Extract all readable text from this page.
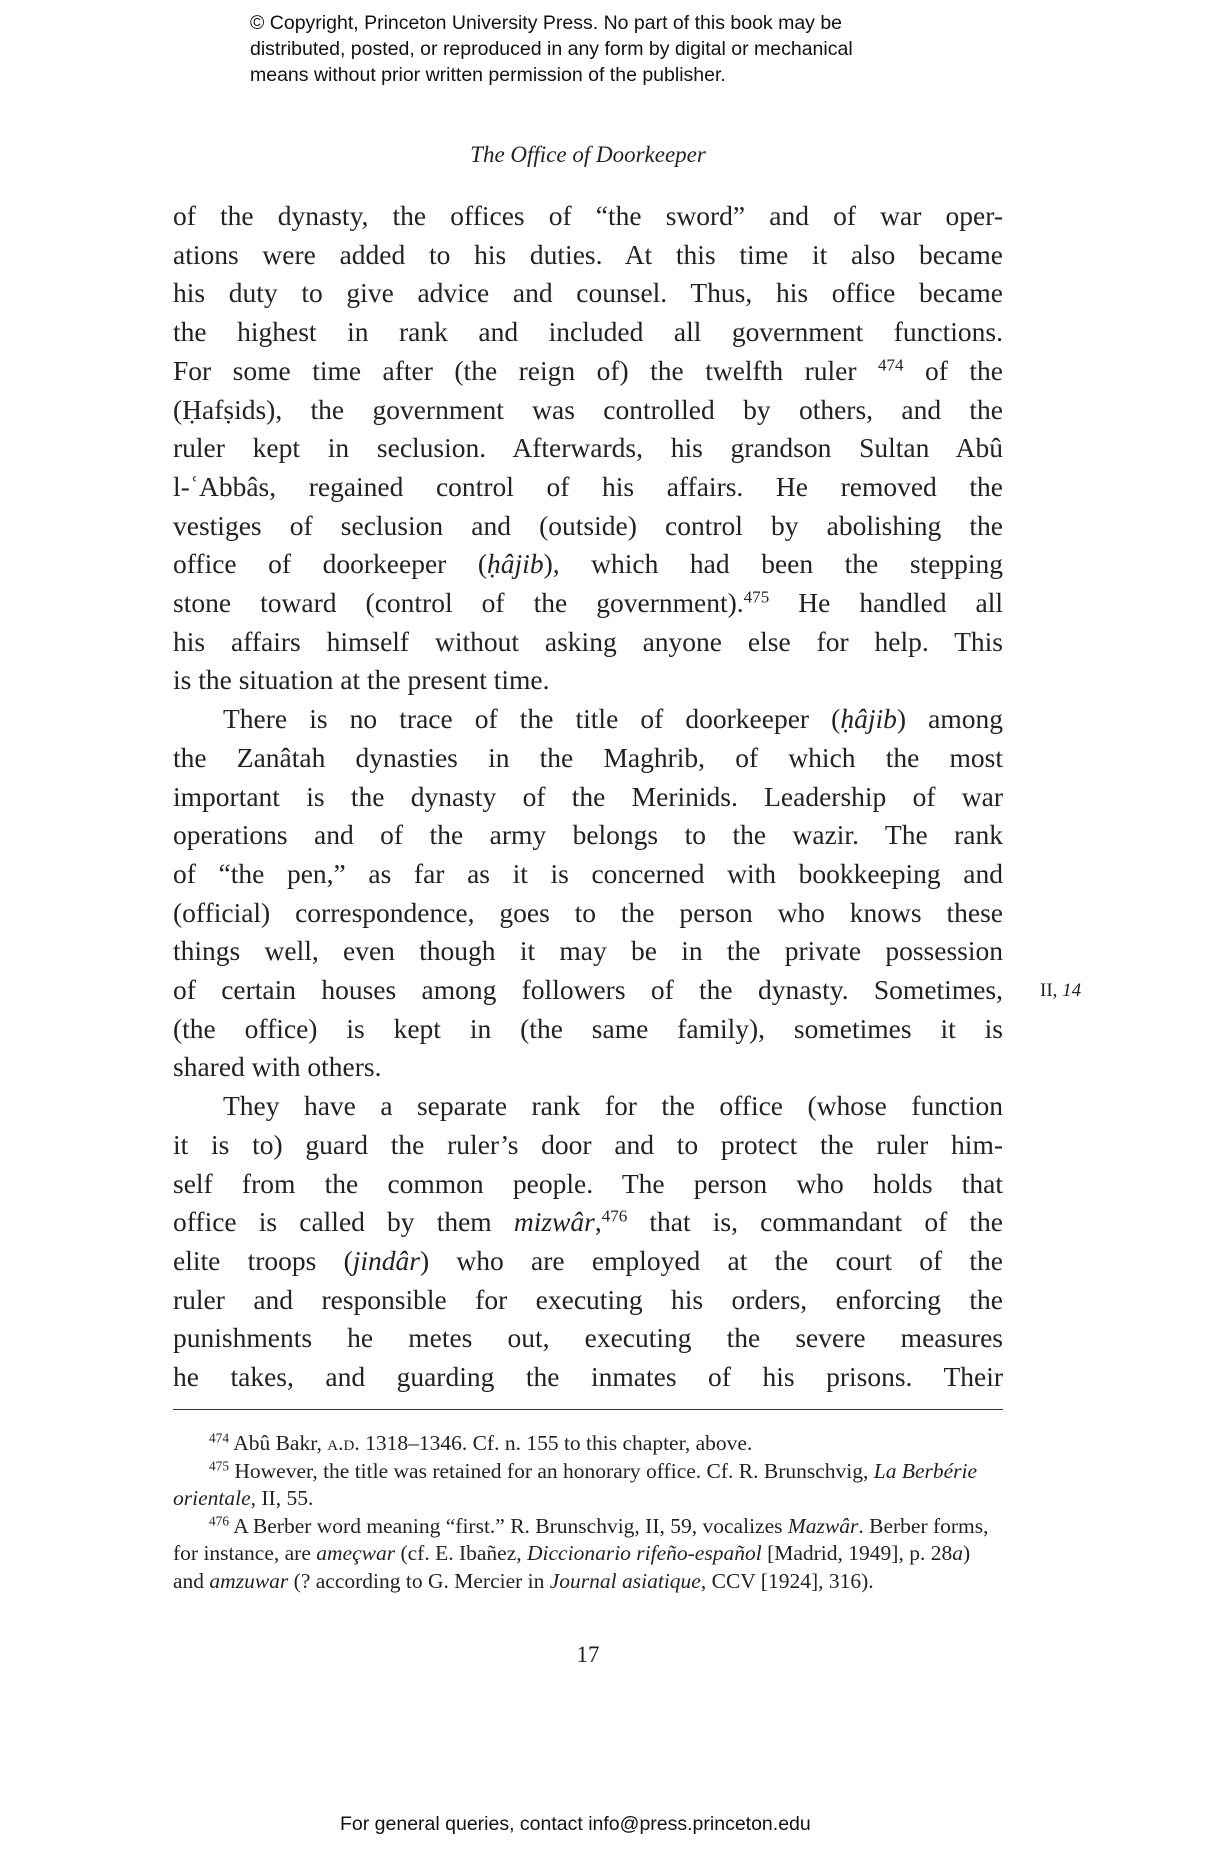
© Copyright, Princeton University Press. No part of this book may be
distributed, posted, or reproduced in any form by digital or mechanical
means without prior written permission of the publisher.
The Office of Doorkeeper

of the dynasty, the offices of “the sword” and of war oper-
ations were added to his duties. At this time it also became
his duty to give advice and counsel. Thus, his office became
the highest in rank and included all government functions.
For some time after (the reign of) the twelfth ruler $^{474}$ of the
(Ḥafṣids), the government was controlled by others, and the
ruler kept in seclusion. Afterwards, his grandson Sultan Abû
l-ʿAbbâs, regained control of his affairs. He removed the
vestiges of seclusion and (outside) control by abolishing the
office of doorkeeper (ḥâjib), which had been the stepping
stone toward (control of the government).$^{475}$ He handled all
his affairs himself without asking anyone else for help. This
is the situation at the present time.

There is no trace of the title of doorkeeper (ḥâjib) among
the Zanâtah dynasties in the Maghrib, of which the most
important is the dynasty of the Merinids. Leadership of war
operations and of the army belongs to the wazir. The rank
of “the pen,” as far as it is concerned with bookkeeping and
(official) correspondence, goes to the person who knows these
things well, even though it may be in the private possession
of certain houses among followers of the dynasty. Sometimes,
(the office) is kept in (the same family), sometimes it is
shared with others.

They have a separate rank for the office (whose function
it is to) guard the ruler’s door and to protect the ruler him-
self from the common people. The person who holds that
office is called by them mizwâr,$^{476}$ that is, commandant of the
elite troops (jindâr) who are employed at the court of the
ruler and responsible for executing his orders, enforcing the
punishments he metes out, executing the severe measures
he takes, and guarding the inmates of his prisons. Their

II, 14

$^{474}$ Abû Bakr, a.d. 1318–1346. Cf. n. 155 to this chapter, above.

$^{475}$ However, the title was retained for an honorary office. Cf. R. Brunschvig, La Berbérie orientale, II, 55.

$^{476}$ A Berber word meaning “first.” R. Brunschvig, II, 59, vocalizes Mazwâr. Berber forms, for instance, are ameçwar (cf. E. Ibañez, Diccionario rifeño-español [Madrid, 1949], p. 28a) and amzuwar (? according to G. Mercier in Journal asiatique, CCV [1924], 316).

17
For general queries, contact info@press.princeton.edu
